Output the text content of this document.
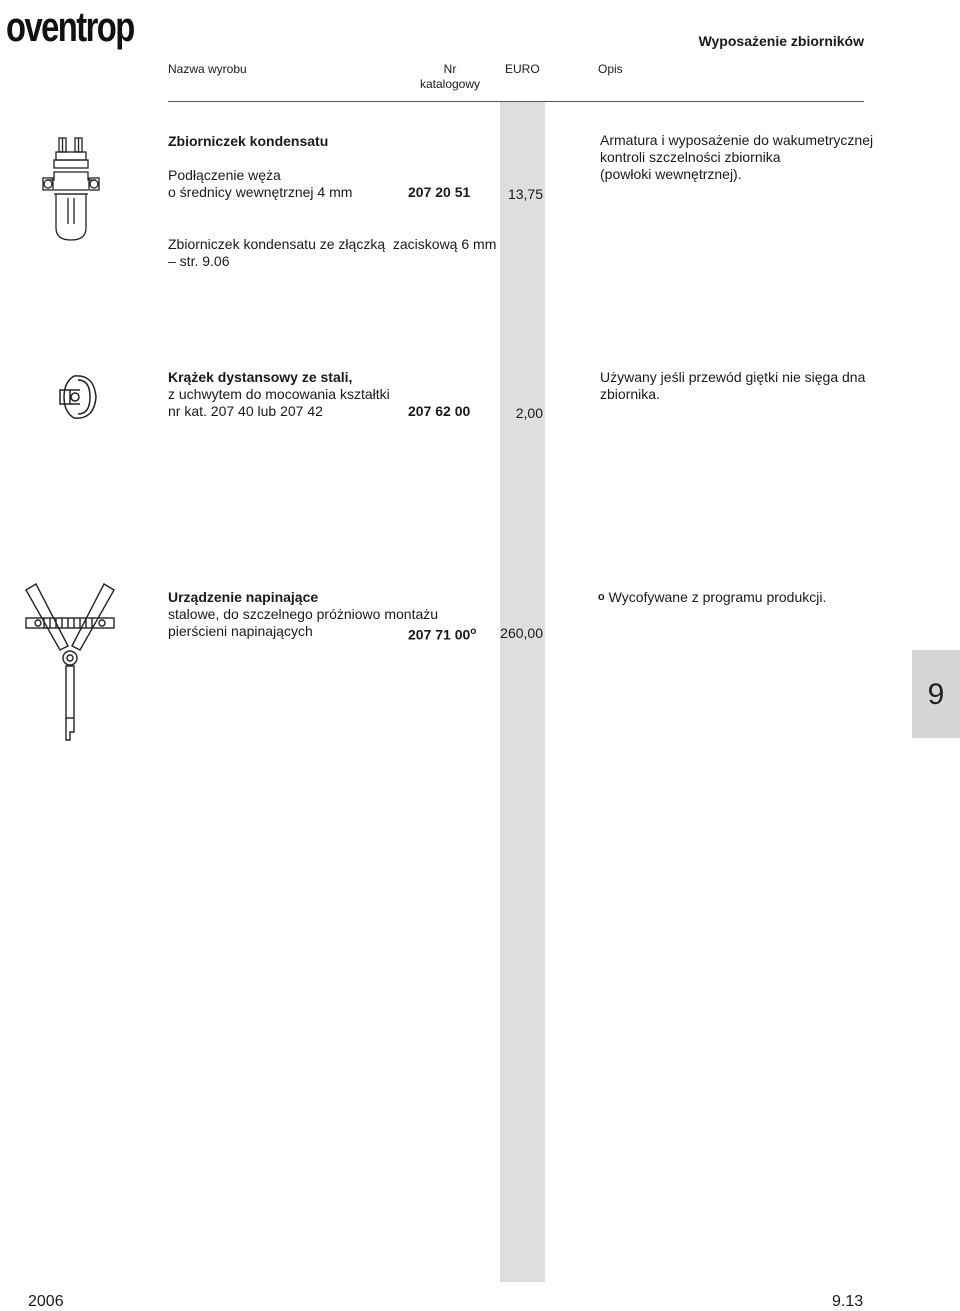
oventrop	Wyposażenie zbiorników
Nazwa wyrobu	Nr
katalogowy
EURO	Opis
Zbiorniczek kondensatu
Podłączenie węża
o średnicy wewnętrznej 4 mm	207 20 51	13,75
Armatura i wyposażenie do wakumetrycznej
kontroli szczelności zbiornika
(powłoki wewnętrznej).
Zbiorniczek kondensatu ze złączką  zaciskową 6 mm
– str. 9.06
Krążek dystansowy ze stali,
z uchwytem do mocowania kształtki
nr kat. 207 40 lub 207 42	207 62 00	2,00
Używany jeśli przewód giętki nie sięga dna
zbiornika.
Urządzenie napinające
stalowe, do szczelnego próżniowo montażu
pierścieni napinających	207 71 00$^o$ 260,00
$^o$ Wycofywane z programu produkcji.
9
2006	9.13
